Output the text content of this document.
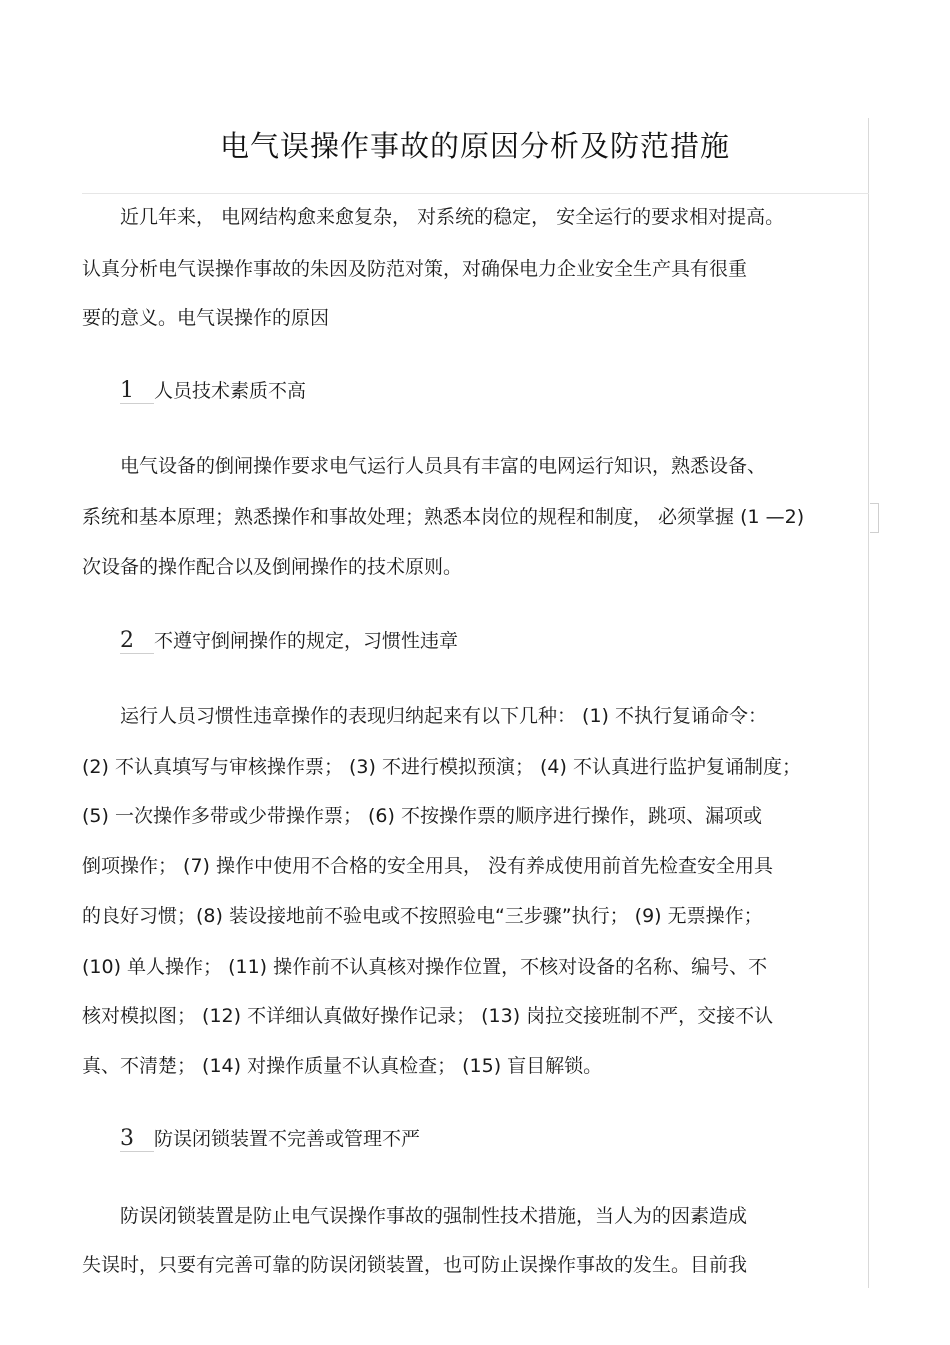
电气误操作事故的原因分析及防范措施
近几年来， 电网结构愈来愈复杂， 对系统的稳定， 安全运行的要求相对提高。
认真分析电气误操作事故的朱因及防范对策，对确保电力企业安全生产具有很重
要的意义。电气误操作的原因
1 人员技术素质不高
电气设备的倒闸操作要求电气运行人员具有丰富的电网运行知识，熟悉设备、
系统和基本原理；熟悉操作和事故处理；熟悉本岗位的规程和制度， 必须掌握 (1 —2)
次设备的操作配合以及倒闸操作的技术原则。
2 不遵守倒闸操作的规定，习惯性违章
运行人员习惯性违章操作的表现归纳起来有以下几种： (1) 不执行复诵命令：
(2) 不认真填写与审核操作票； (3) 不进行模拟预演； (4) 不认真进行监护复诵制度；
(5) 一次操作多带或少带操作票； (6) 不按操作票的顺序进行操作，跳项、漏项或
倒项操作； (7) 操作中使用不合格的安全用具， 没有养成使用前首先检查安全用具
的良好习惯；(8) 装设接地前不验电或不按照验电“三步骤”执行； (9) 无票操作；
(10) 单人操作； (11) 操作前不认真核对操作位置，不核对设备的名称、编号、不
核对模拟图； (12) 不详细认真做好操作记录； (13) 岗拉交接班制不严，交接不认
真、不清楚； (14) 对操作质量不认真检查； (15) 盲目解锁。
3 防误闭锁装置不完善或管理不严
防误闭锁装置是防止电气误操作事故的强制性技术措施，当人为的因素造成
失误时，只要有完善可靠的防误闭锁装置，也可防止误操作事故的发生。目前我
